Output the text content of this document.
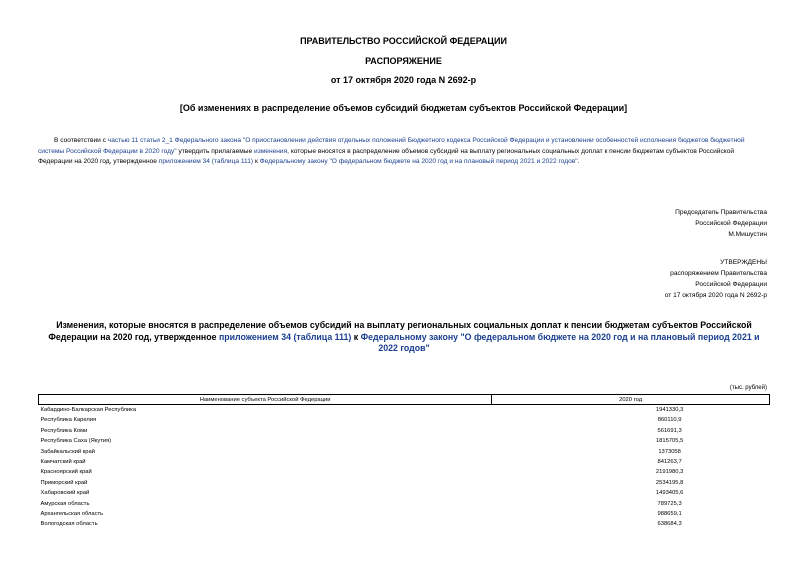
ПРАВИТЕЛЬСТВО РОССИЙСКОЙ ФЕДЕРАЦИИ
РАСПОРЯЖЕНИЕ
от 17 октября 2020 года N 2692-р
[Об изменениях в распределение объемов субсидий бюджетам субъектов Российской Федерации]
В соответствии с частью 11 статьи 2_1 Федерального закона "О приостановлении действия отдельных положений Бюджетного кодекса Российской Федерации и установлении особенностей исполнения бюджетов бюджетной системы Российской Федерации в 2020 году" утвердить прилагаемые изменения, которые вносятся в распределение объемов субсидий на выплату региональных социальных доплат к пенсии бюджетам субъектов Российской Федерации на 2020 год, утвержденное приложением 34 (таблица 111) к Федеральному закону "О федеральном бюджете на 2020 год и на плановый период 2021 и 2022 годов".
Председатель Правительства
Российской Федерации
М.Мишустин
УТВЕРЖДЕНЫ
распоряжением Правительства
Российской Федерации
от 17 октября 2020 года N 2692-р
Изменения, которые вносятся в распределение объемов субсидий на выплату региональных социальных доплат к пенсии бюджетам субъектов Российской Федерации на 2020 год, утвержденное приложением 34 (таблица 111) к Федеральному закону "О федеральном бюджете на 2020 год и на плановый период 2021 и 2022 годов"
(тыс. рублей)
Наименование субъекта Российской Федерации	2020 год
Кабардино-Балкарская Республика	1941330,3
Республика Карелия	860110,9
Республика Коми	561691,3
Республика Саха (Якутия)	1815705,5
Забайкальский край	1373058
Камчатский край	841263,7
Красноярский край	2191980,3
Приморский край	2534195,8
Хабаровский край	1493405,6
Амурская область	789725,3
Архангельская область	988659,1
Вологодская область	638684,3
